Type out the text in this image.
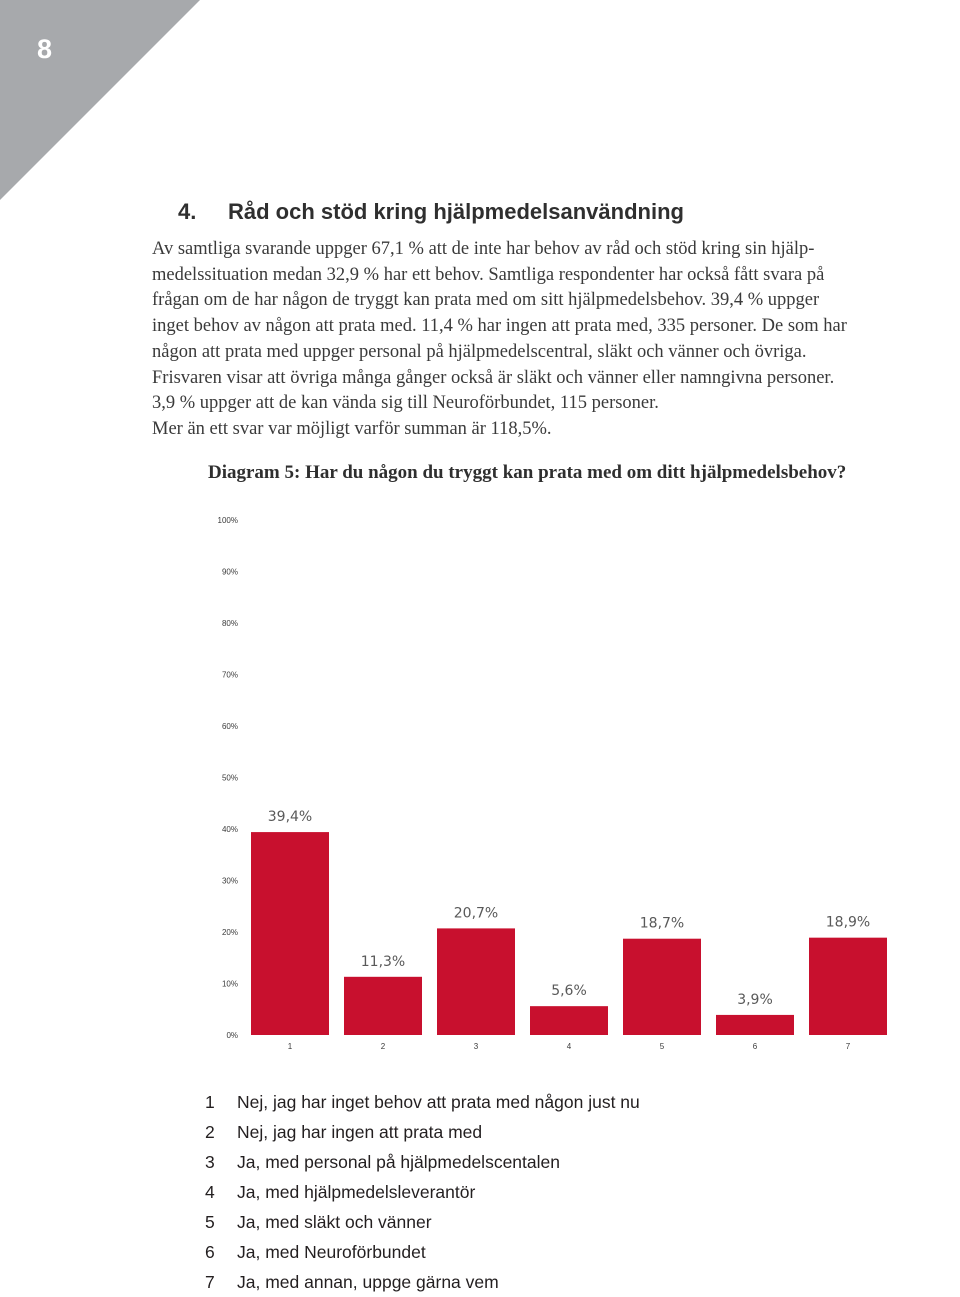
8
4. Råd och stöd kring hjälpmedelsanvändning

Av samtliga svarande uppger 67,1 % att de inte har behov av råd och stöd kring sin hjälp-

medelssituation medan 32,9 % har ett behov. Samtliga respondenter har också fått svara på

frågan om de har någon de tryggt kan prata med om sitt hjälpmedelsbehov. 39,4 % uppger

inget behov av någon att prata med. 11,4 % har ingen att prata med, 335 personer. De som har

någon att prata med uppger personal på hjälpmedelscentral, släkt och vänner och övriga.

Frisvaren visar att övriga många gånger också är släkt och vänner eller namngivna personer.

3,9 % uppger att de kan vända sig till Neuroförbundet, 115 personer.

Mer än ett svar var möjligt varför summan är 118,5%.

Diagram 5: Har du någon du tryggt kan prata med om ditt hjälpmedelsbehov?
0%
10%
20%
30%
40%
50%
60%
70%
80%
90%
100%
39,4%
1
11,3%
2
20,7%
3
5,6%
4
18,7%
5
3,9%
6
18,9%
7
1 Nej, jag har inget behov att prata med någon just nu
2 Nej, jag har ingen att prata med
3 Ja, med personal på hjälpmedelscentalen
4 Ja, med hjälpmedelsleverantör
5 Ja, med släkt och vänner
6 Ja, med Neuroförbundet
7 Ja, med annan, uppge gärna vem
